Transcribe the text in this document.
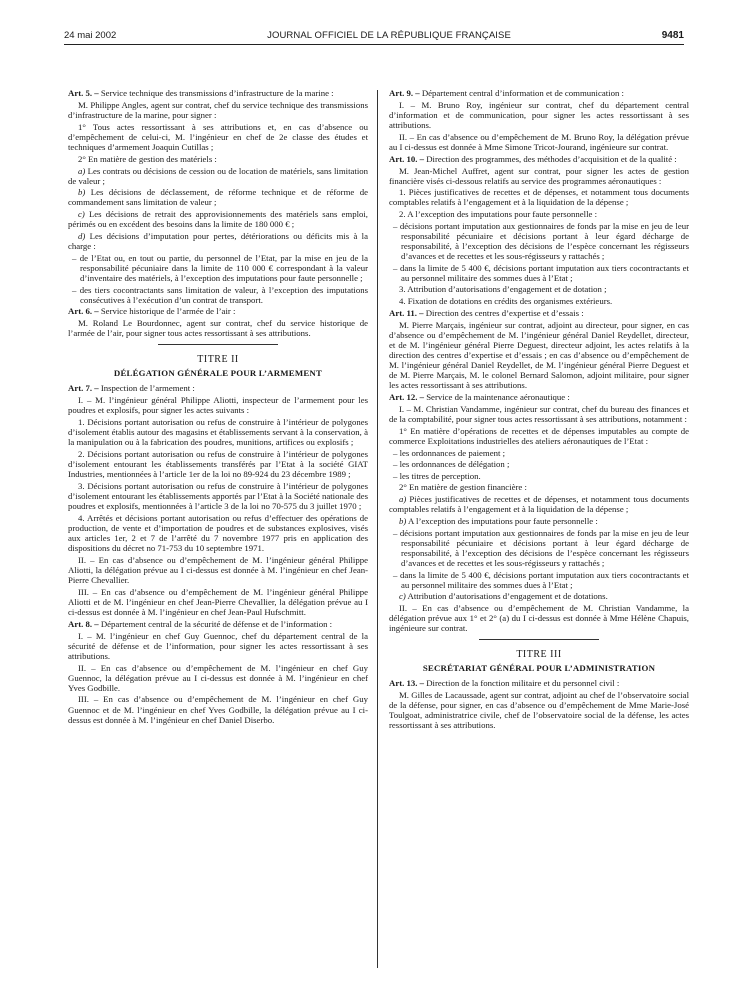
24 mai 2002	JOURNAL OFFICIEL DE LA RÉPUBLIQUE FRANÇAISE	9481

Art. 5. – Service technique des transmissions d’infrastructure de la marine :

M. Philippe Angles, agent sur contrat, chef du service technique des transmissions d’infrastructure de la marine, pour signer :

1° Tous actes ressortissant à ses attributions et, en cas d’absence ou d’empêchement de celui-ci, M. l’ingénieur en chef de 2e classe des études et techniques d’armement Joaquin Cutillas ;

2° En matière de gestion des matériels :

a) Les contrats ou décisions de cession ou de location de matériels, sans limitation de valeur ;

b) Les décisions de déclassement, de réforme technique et de réforme de commandement sans limitation de valeur ;

c) Les décisions de retrait des approvisionnements des matériels sans emploi, périmés ou en excédent des besoins dans la limite de 180 000 € ;

d) Les décisions d’imputation pour pertes, détériorations ou déficits mis à la charge :

– de l’Etat ou, en tout ou partie, du personnel de l’Etat, par la mise en jeu de la responsabilité pécuniaire dans la limite de 110 000 € correspondant à la valeur d’inventaire des matériels, à l’exception des imputations pour faute personnelle ;

– des tiers cocontractants sans limitation de valeur, à l’exception des imputations consécutives à l’exécution d’un contrat de transport.

Art. 6. – Service historique de l’armée de l’air :

M. Roland Le Bourdonnec, agent sur contrat, chef du service historique de l’armée de l’air, pour signer tous actes ressortissant à ses attributions.

TITRE II

DÉLÉGATION GÉNÉRALE POUR L’ARMEMENT

Art. 7. – Inspection de l’armement :

I. – M. l’ingénieur général Philippe Aliotti, inspecteur de l’armement pour les poudres et explosifs, pour signer les actes suivants :

1. Décisions portant autorisation ou refus de construire à l’intérieur de polygones d’isolement établis autour des magasins et établissements servant à la conservation, à la manipulation ou à la fabrication des poudres, munitions, artifices ou explosifs ;

2. Décisions portant autorisation ou refus de construire à l’intérieur de polygones d’isolement entourant les établissements transférés par l’Etat à la société GIAT Industries, mentionnées à l’article 1er de la loi no 89-924 du 23 décembre 1989 ;

3. Décisions portant autorisation ou refus de construire à l’intérieur de polygones d’isolement entourant les établissements apportés par l’Etat à la Société nationale des poudres et explosifs, mentionnées à l’article 3 de la loi no 70-575 du 3 juillet 1970 ;

4. Arrêtés et décisions portant autorisation ou refus d’effectuer des opérations de production, de vente et d’importation de poudres et de substances explosives, visés aux articles 1er, 2 et 7 de l’arrêté du 7 novembre 1977 pris en application des dispositions du décret no 71-753 du 10 septembre 1971.

II. – En cas d’absence ou d’empêchement de M. l’ingénieur général Philippe Aliotti, la délégation prévue au I ci-dessus est donnée à M. l’ingénieur en chef Jean-Pierre Chevallier.

III. – En cas d’absence ou d’empêchement de M. l’ingénieur général Philippe Aliotti et de M. l’ingénieur en chef Jean-Pierre Chevallier, la délégation prévue au I ci-dessus est donnée à M. l’ingénieur en chef Jean-Paul Hufschmitt.

Art. 8. – Département central de la sécurité de défense et de l’information :

I. – M. l’ingénieur en chef Guy Guennoc, chef du département central de la sécurité de défense et de l’information, pour signer les actes ressortissant à ses attributions.

II. – En cas d’absence ou d’empêchement de M. l’ingénieur en chef Guy Guennoc, la délégation prévue au I ci-dessus est donnée à M. l’ingénieur en chef Yves Godbille.

III. – En cas d’absence ou d’empêchement de M. l’ingénieur en chef Guy Guennoc et de M. l’ingénieur en chef Yves Godbille, la délégation prévue au I ci-dessus est donnée à M. l’ingénieur en chef Daniel Diserbo.

Art. 9. – Département central d’information et de communication :

I. – M. Bruno Roy, ingénieur sur contrat, chef du département central d’information et de communication, pour signer les actes ressortissant à ses attributions.

II. – En cas d’absence ou d’empêchement de M. Bruno Roy, la délégation prévue au I ci-dessus est donnée à Mme Simone Tricot-Jourand, ingénieure sur contrat.

Art. 10. – Direction des programmes, des méthodes d’acquisition et de la qualité :

M. Jean-Michel Auffret, agent sur contrat, pour signer les actes de gestion financière visés ci-dessous relatifs au service des programmes aéronautiques :

1. Pièces justificatives de recettes et de dépenses, et notamment tous documents comptables relatifs à l’engagement et à la liquidation de la dépense ;

2. A l’exception des imputations pour faute personnelle :

– décisions portant imputation aux gestionnaires de fonds par la mise en jeu de leur responsabilité pécuniaire et décisions portant à leur égard décharge de responsabilité, à l’exception des décisions de l’espèce concernant les régisseurs d’avances et de recettes et les sous-régisseurs y rattachés ;

– dans la limite de 5 400 €, décisions portant imputation aux tiers cocontractants et au personnel militaire des sommes dues à l’Etat ;

3. Attribution d’autorisations d’engagement et de dotation ;

4. Fixation de dotations en crédits des organismes extérieurs.

Art. 11. – Direction des centres d’expertise et d’essais :

M. Pierre Marçais, ingénieur sur contrat, adjoint au directeur, pour signer, en cas d’absence ou d’empêchement de M. l’ingénieur général Daniel Reydellet, directeur, et de M. l’ingénieur général Pierre Deguest, directeur adjoint, les actes relatifs à la direction des centres d’expertise et d’essais ; en cas d’absence ou d’empêchement de M. l’ingénieur général Daniel Reydellet, de M. l’ingénieur général Pierre Deguest et de M. Pierre Marçais, M. le colonel Bernard Salomon, adjoint militaire, pour signer les actes ressortissant à ses attributions.

Art. 12. – Service de la maintenance aéronautique :

I. – M. Christian Vandamme, ingénieur sur contrat, chef du bureau des finances et de la comptabilité, pour signer tous actes ressortissant à ses attributions, notamment :

1° En matière d’opérations de recettes et de dépenses imputables au compte de commerce Exploitations industrielles des ateliers aéronautiques de l’Etat :

– les ordonnances de paiement ;

– les ordonnances de délégation ;

– les titres de perception.

2° En matière de gestion financière :

a) Pièces justificatives de recettes et de dépenses, et notamment tous documents comptables relatifs à l’engagement et à la liquidation de la dépense ;

b) A l’exception des imputations pour faute personnelle :

– décisions portant imputation aux gestionnaires de fonds par la mise en jeu de leur responsabilité pécuniaire et décisions portant à leur égard décharge de responsabilité, à l’exception des décisions de l’espèce concernant les régisseurs d’avances et de recettes et les sous-régisseurs y rattachés ;

– dans la limite de 5 400 €, décisions portant imputation aux tiers cocontractants et au personnel militaire des sommes dues à l’Etat ;

c) Attribution d’autorisations d’engagement et de dotations.

II. – En cas d’absence ou d’empêchement de M. Christian Vandamme, la délégation prévue aux 1° et 2° (a) du I ci-dessus est donnée à Mme Hélène Chapuis, ingénieure sur contrat.

TITRE III

SECRÉTARIAT GÉNÉRAL POUR L’ADMINISTRATION

Art. 13. – Direction de la fonction militaire et du personnel civil :

M. Gilles de Lacaussade, agent sur contrat, adjoint au chef de l’observatoire social de la défense, pour signer, en cas d’absence ou d’empêchement de Mme Marie-José Toulgoat, administratrice civile, chef de l’observatoire social de la défense, les actes ressortissant à ses attributions.
